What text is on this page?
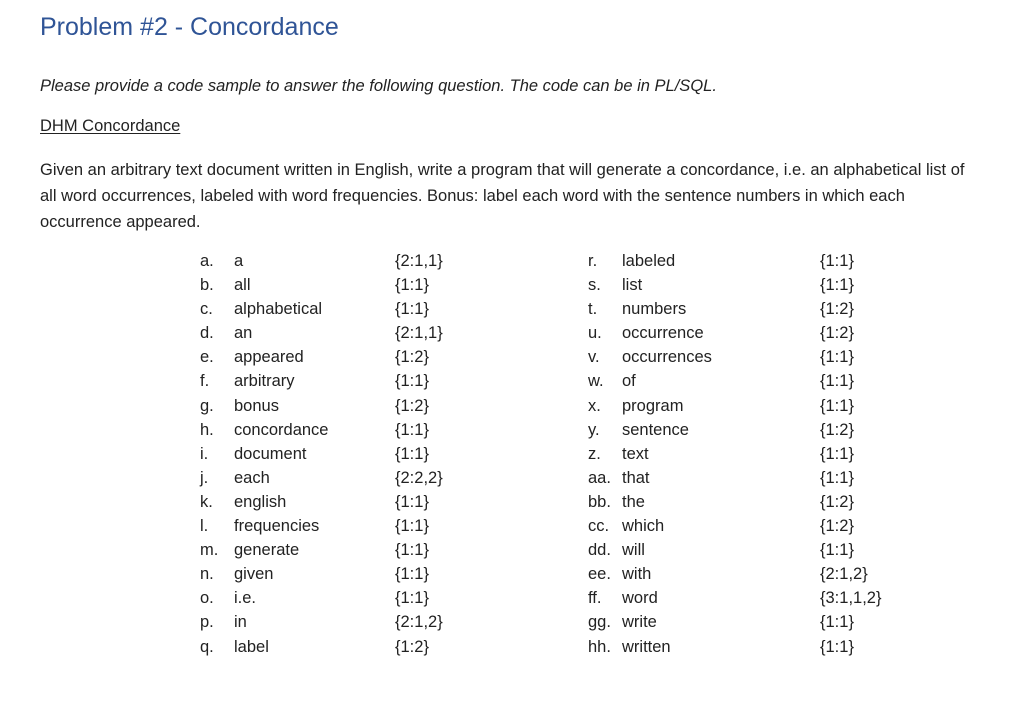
Problem #2 - Concordance

Please provide a code sample to answer the following question. The code can be in PL/SQL.

DHM Concordance

Given an arbitrary text document written in English, write a program that will generate a concordance, i.e. an alphabetical list of all word occurrences, labeled with word frequencies. Bonus: label each word with the sentence numbers in which each occurrence appeared.

a. a	{2:1,1}
b. all	{1:1}
c. alphabetical	{1:1}
d. an	{2:1,1}
e. appeared	{1:2}
f. arbitrary	{1:1}
g. bonus	{1:2}
h. concordance	{1:1}
i. document	{1:1}
j. each	{2:2,2}
k. english	{1:1}
l. frequencies	{1:1}
m. generate	{1:1}
n. given	{1:1}
o. i.e.	{1:1}
p. in	{2:1,2}
q. label	{1:2}
r. labeled	{1:1}
s. list	{1:1}
t. numbers	{1:2}
u. occurrence	{1:2}
v. occurrences	{1:1}
w. of	{1:1}
x. program	{1:1}
y. sentence	{1:2}
z. text	{1:1}
aa. that	{1:1}
bb. the	{1:2}
cc. which	{1:2}
dd. will	{1:1}
ee. with	{2:1,2}
ff. word	{3:1,1,2}
gg. write	{1:1}
hh. written	{1:1}
